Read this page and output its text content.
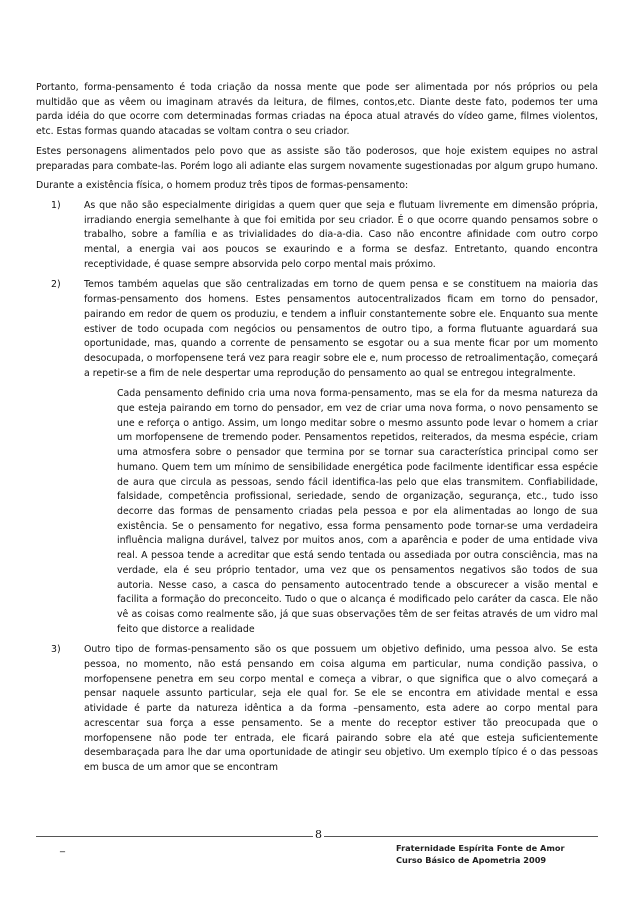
Portanto, forma-pensamento é toda criação da nossa mente que pode ser alimentada por nós próprios ou pela multidão que as vêem ou imaginam através da leitura, de filmes, contos,etc. Diante deste fato, podemos ter uma parda idéia do que ocorre com determinadas formas criadas na época atual através do vídeo game, filmes violentos, etc. Estas formas quando atacadas se voltam contra o seu criador.

Estes personagens alimentados pelo povo que as assiste são tão poderosos, que hoje existem equipes no astral preparadas para combate-las. Porém logo ali adiante elas surgem novamente sugestionadas por algum grupo humano.

Durante a existência física, o homem produz três tipos de formas-pensamento:

1) As que não são especialmente dirigidas a quem quer que seja e flutuam livremente em dimensão própria, irradiando energia semelhante à que foi emitida por seu criador. É o que ocorre quando pensamos sobre o trabalho, sobre a família e as trivialidades do dia-a-dia. Caso não encontre afinidade com outro corpo mental, a energia vai aos poucos se exaurindo e a forma se desfaz. Entretanto, quando encontra receptividade, é quase sempre absorvida pelo corpo mental mais próximo.
2) Temos também aquelas que são centralizadas em torno de quem pensa e se constituem na maioria das formas-pensamento dos homens. Estes pensamentos autocentralizados ficam em torno do pensador, pairando em redor de quem os produziu, e tendem a influir constantemente sobre ele. Enquanto sua mente estiver de todo ocupada com negócios ou pensamentos de outro tipo, a forma flutuante aguardará sua oportunidade, mas, quando a corrente de pensamento se esgotar ou a sua mente ficar por um momento desocupada, o morfopensene terá vez para reagir sobre ele e, num processo de retroalimentação, começará a repetir-se a fim de nele despertar uma reprodução do pensamento ao qual se entregou integralmente.
Cada pensamento definido cria uma nova forma-pensamento, mas se ela for da mesma natureza da que esteja pairando em torno do pensador, em vez de criar uma nova forma, o novo pensamento se une e reforça o antigo. Assim, um longo meditar sobre o mesmo assunto pode levar o homem a criar um morfopensene de tremendo poder. Pensamentos repetidos, reiterados, da mesma espécie, criam uma atmosfera sobre o pensador que termina por se tornar sua característica principal como ser humano. Quem tem um mínimo de sensibilidade energética pode facilmente identificar essa espécie de aura que circula as pessoas, sendo fácil identifica-las pelo que elas transmitem. Confiabilidade, falsidade, competência profissional, seriedade, sendo de organização, segurança, etc., tudo isso decorre das formas de pensamento criadas pela pessoa e por ela alimentadas ao longo de sua existência. Se o pensamento for negativo, essa forma pensamento pode tornar-se uma verdadeira influência maligna durável, talvez por muitos anos, com a aparência e poder de uma entidade viva real. A pessoa tende a acreditar que está sendo tentada ou assediada por outra consciência, mas na verdade, ela é seu próprio tentador, uma vez que os pensamentos negativos são todos de sua autoria. Nesse caso, a casca do pensamento autocentrado tende a obscurecer a visão mental e facilita a formação do preconceito. Tudo o que o alcança é modificado pelo caráter da casca. Ele não vê as coisas como realmente são, já que suas observações têm de ser feitas através de um vidro mal feito que distorce a realidade
3) Outro tipo de formas-pensamento são os que possuem um objetivo definido, uma pessoa alvo. Se esta pessoa, no momento, não está pensando em coisa alguma em particular, numa condição passiva, o morfopensene penetra em seu corpo mental e começa a vibrar, o que significa que o alvo começará a pensar naquele assunto particular, seja ele qual for. Se ele se encontra em atividade mental e essa atividade é parte da natureza idêntica a da forma –pensamento, esta adere ao corpo mental para acrescentar sua força a esse pensamento. Se a mente do receptor estiver tão preocupada que o morfopensene não pode ter entrada, ele ficará pairando sobre ela até que esteja suficientemente desembaraçada para lhe dar uma oportunidade de atingir seu objetivo. Um exemplo típico é o das pessoas em busca de um amor que se encontram
8
_	Fraternidade Espírita Fonte de Amor
Curso Básico de Apometria 2009
